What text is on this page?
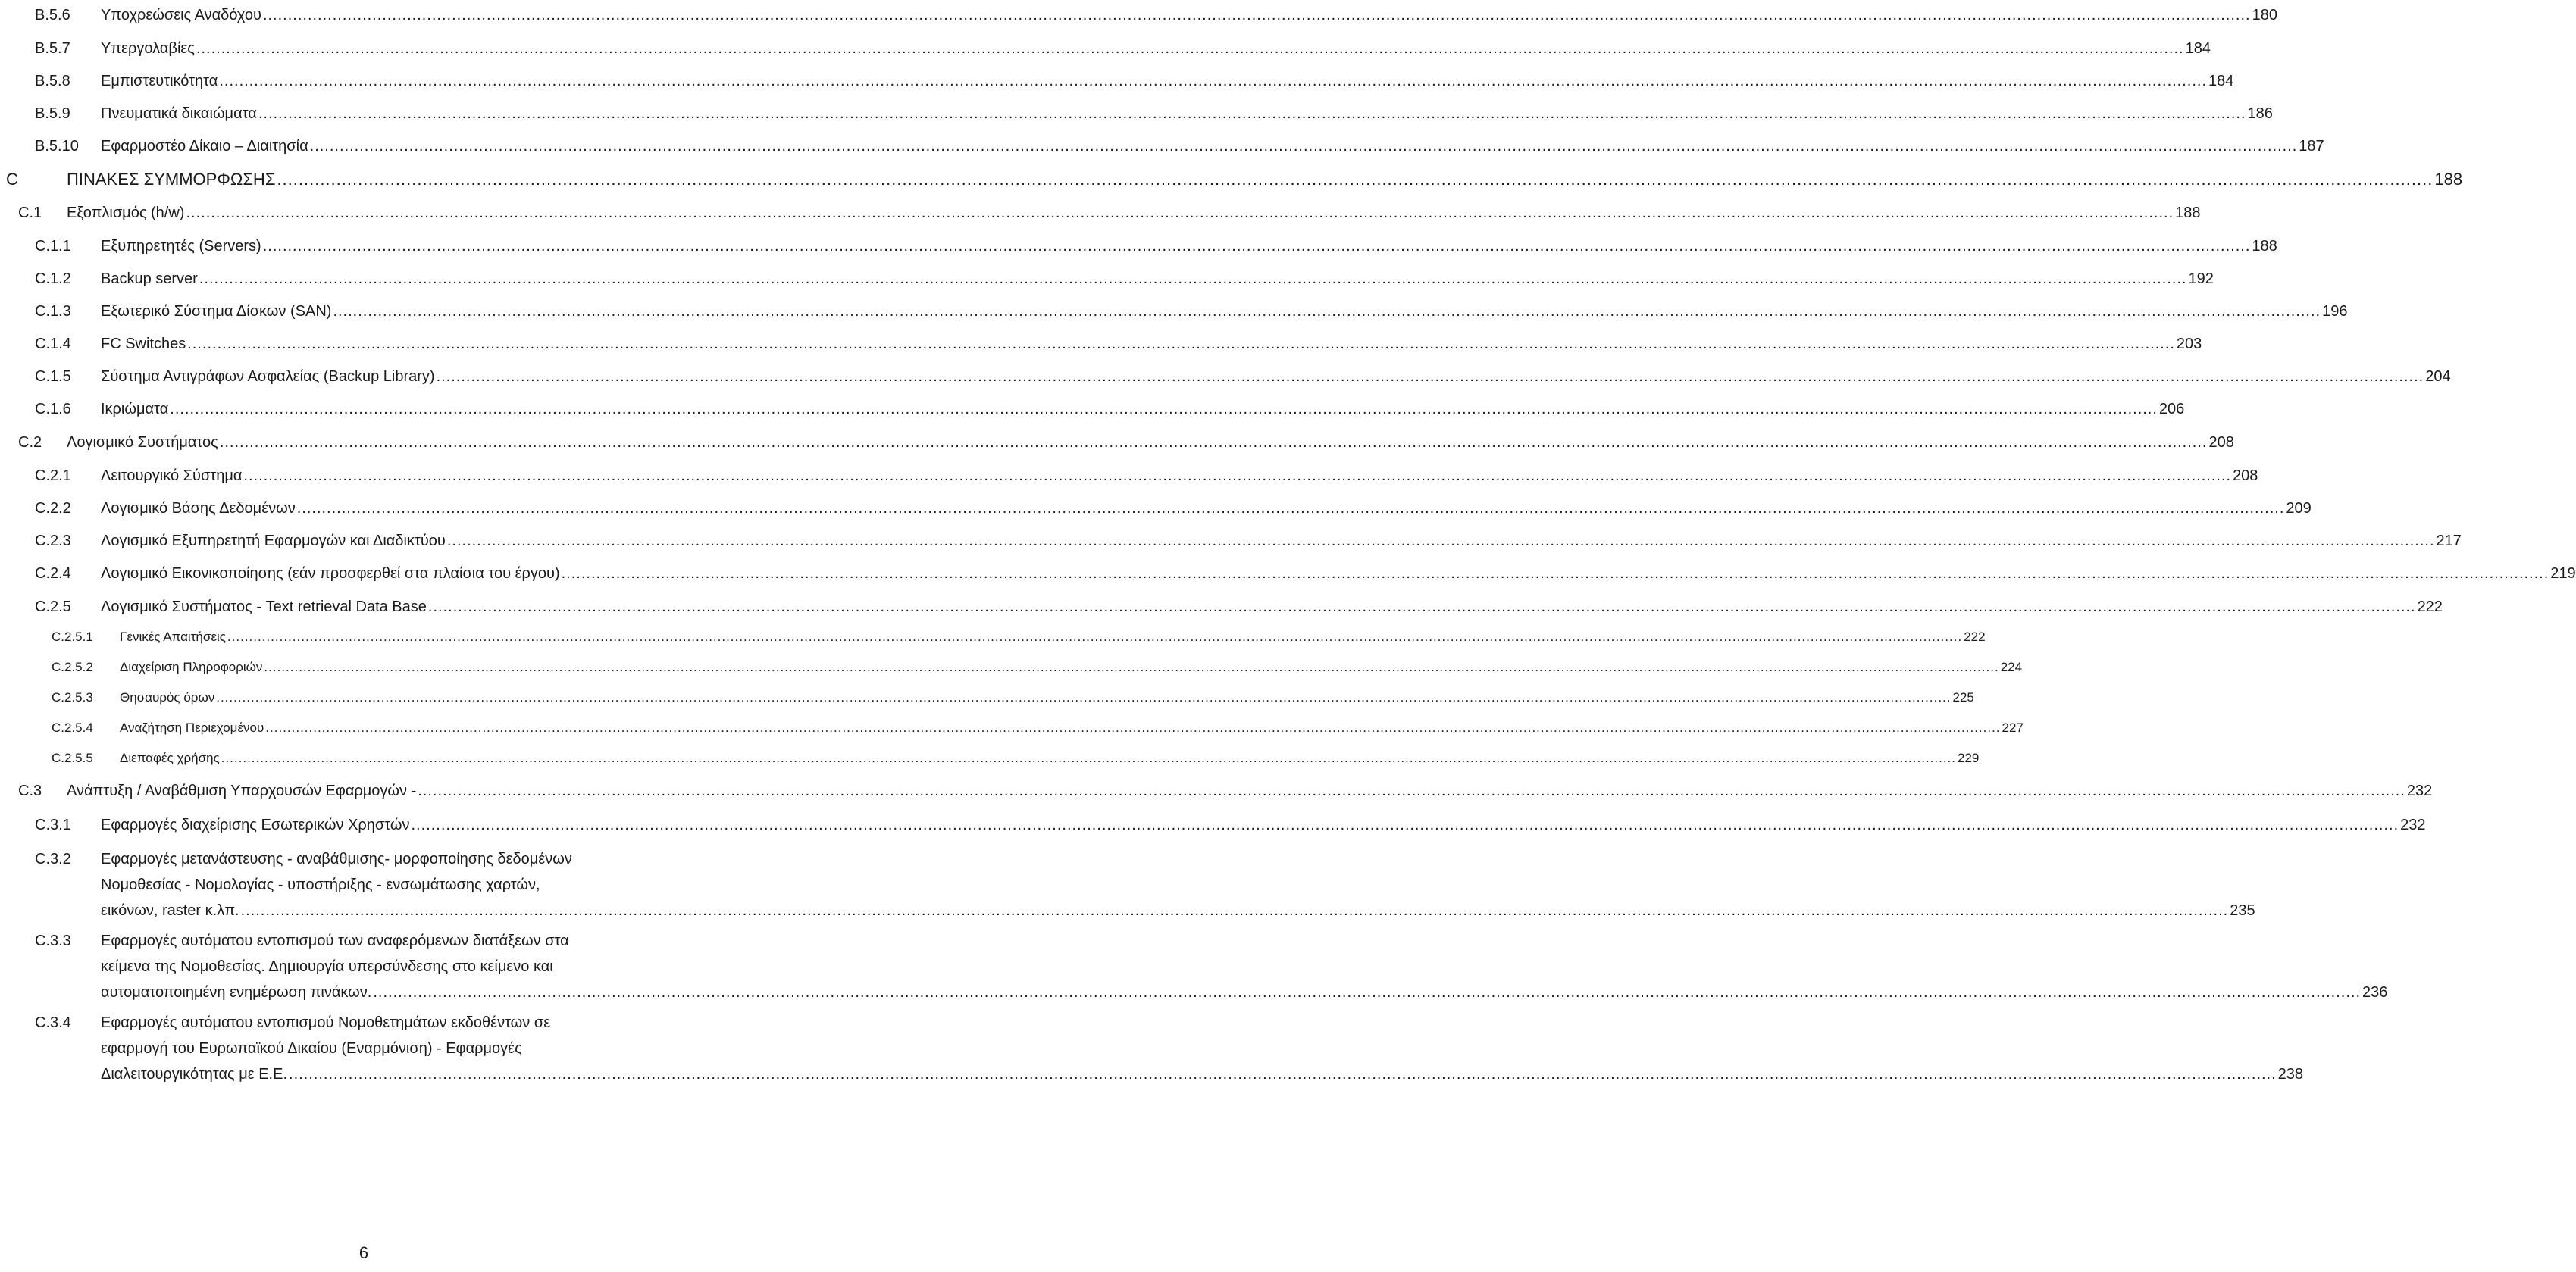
B.5.6 Υποχρεώσεις Αναδόχου ................................................................................................................................................................................................................................................................................................................................................................................................................ 180
B.5.7 Υπεργολαβίες ................................................................................................................................................................................................................................................................................................................................................................................................................ 184
B.5.8 Εμπιστευτικότητα ................................................................................................................................................................................................................................................................................................................................................................................................................ 184
B.5.9 Πνευματικά δικαιώματα ................................................................................................................................................................................................................................................................................................................................................................................................................ 186
B.5.10 Εφαρμοστέο Δίκαιο – Διαιτησία ................................................................................................................................................................................................................................................................................................................................................................................................................ 187
C	ΠΙΝΑΚΕΣ ΣΥΜΜΟΡΦΩΣΗΣ ................................................................................................................................................................................................................................................................................................................................................................................................................ 188
C.1 Εξοπλισμός (h/w) ................................................................................................................................................................................................................................................................................................................................................................................................................ 188
C.1.1 Εξυπηρετητές (Servers) ................................................................................................................................................................................................................................................................................................................................................................................................................ 188
C.1.2 Backup server ................................................................................................................................................................................................................................................................................................................................................................................................................ 192
C.1.3 Εξωτερικό Σύστημα Δίσκων (SAN) ................................................................................................................................................................................................................................................................................................................................................................................................................ 196
C.1.4 FC Switches ................................................................................................................................................................................................................................................................................................................................................................................................................ 203
C.1.5 Σύστημα Αντιγράφων Ασφαλείας (Backup Library) ................................................................................................................................................................................................................................................................................................................................................................................................................ 204
C.1.6 Ικριώματα ................................................................................................................................................................................................................................................................................................................................................................................................................ 206
C.2 Λογισμικό Συστήματος ................................................................................................................................................................................................................................................................................................................................................................................................................ 208
C.2.1 Λειτουργικό Σύστημα ................................................................................................................................................................................................................................................................................................................................................................................................................ 208
C.2.2 Λογισμικό Βάσης Δεδομένων ................................................................................................................................................................................................................................................................................................................................................................................................................ 209
C.2.3 Λογισμικό Εξυπηρετητή Εφαρμογών και Διαδικτύου ................................................................................................................................................................................................................................................................................................................................................................................................................ 217
C.2.4 Λογισμικό Εικονικοποίησης (εάν προσφερθεί στα πλαίσια του έργου) ................................................................................................................................................................................................................................................................................................................................................................................................................ 219
C.2.5 Λογισμικό Συστήματος - Text retrieval Data Base ................................................................................................................................................................................................................................................................................................................................................................................................................ 222
C.2.5.1 Γενικές Απαιτήσεις ................................................................................................................................................................................................................................................................................................................................................................................................................ 222
C.2.5.2 Διαχείριση Πληροφοριών ................................................................................................................................................................................................................................................................................................................................................................................................................ 224
C.2.5.3 Θησαυρός όρων ................................................................................................................................................................................................................................................................................................................................................................................................................ 225
C.2.5.4 Αναζήτηση Περιεχομένου ................................................................................................................................................................................................................................................................................................................................................................................................................ 227
C.2.5.5 Διεπαφές χρήσης ................................................................................................................................................................................................................................................................................................................................................................................................................ 229
C.3 Ανάπτυξη / Αναβάθμιση Υπαρχουσών Εφαρμογών - ................................................................................................................................................................................................................................................................................................................................................................................................................ 232
C.3.1 Εφαρμογές διαχείρισης Εσωτερικών Χρηστών ................................................................................................................................................................................................................................................................................................................................................................................................................ 232
C.3.2 Εφαρμογές μετανάστευσης - αναβάθμισης- μορφοποίησης δεδομένων
Νομοθεσίας - Νομολογίας - υποστήριξης - ενσωμάτωσης χαρτών,
εικόνων, raster κ.λπ. ................................................................................................................................................................................................................................................................................................................................................................................................................ 235
C.3.3 Εφαρμογές αυτόματου εντοπισμού των αναφερόμενων διατάξεων στα
κείμενα της Νομοθεσίας. Δημιουργία υπερσύνδεσης στο κείμενο και
αυτοματοποιημένη ενημέρωση πινάκων. ................................................................................................................................................................................................................................................................................................................................................................................................................ 236
C.3.4 Εφαρμογές αυτόματου εντοπισμού Νομοθετημάτων εκδοθέντων σε
εφαρμογή του Ευρωπαϊκού Δικαίου (Εναρμόνιση) - Εφαρμογές
Διαλειτουργικότητας με Ε.Ε. ................................................................................................................................................................................................................................................................................................................................................................................................................ 238
6
